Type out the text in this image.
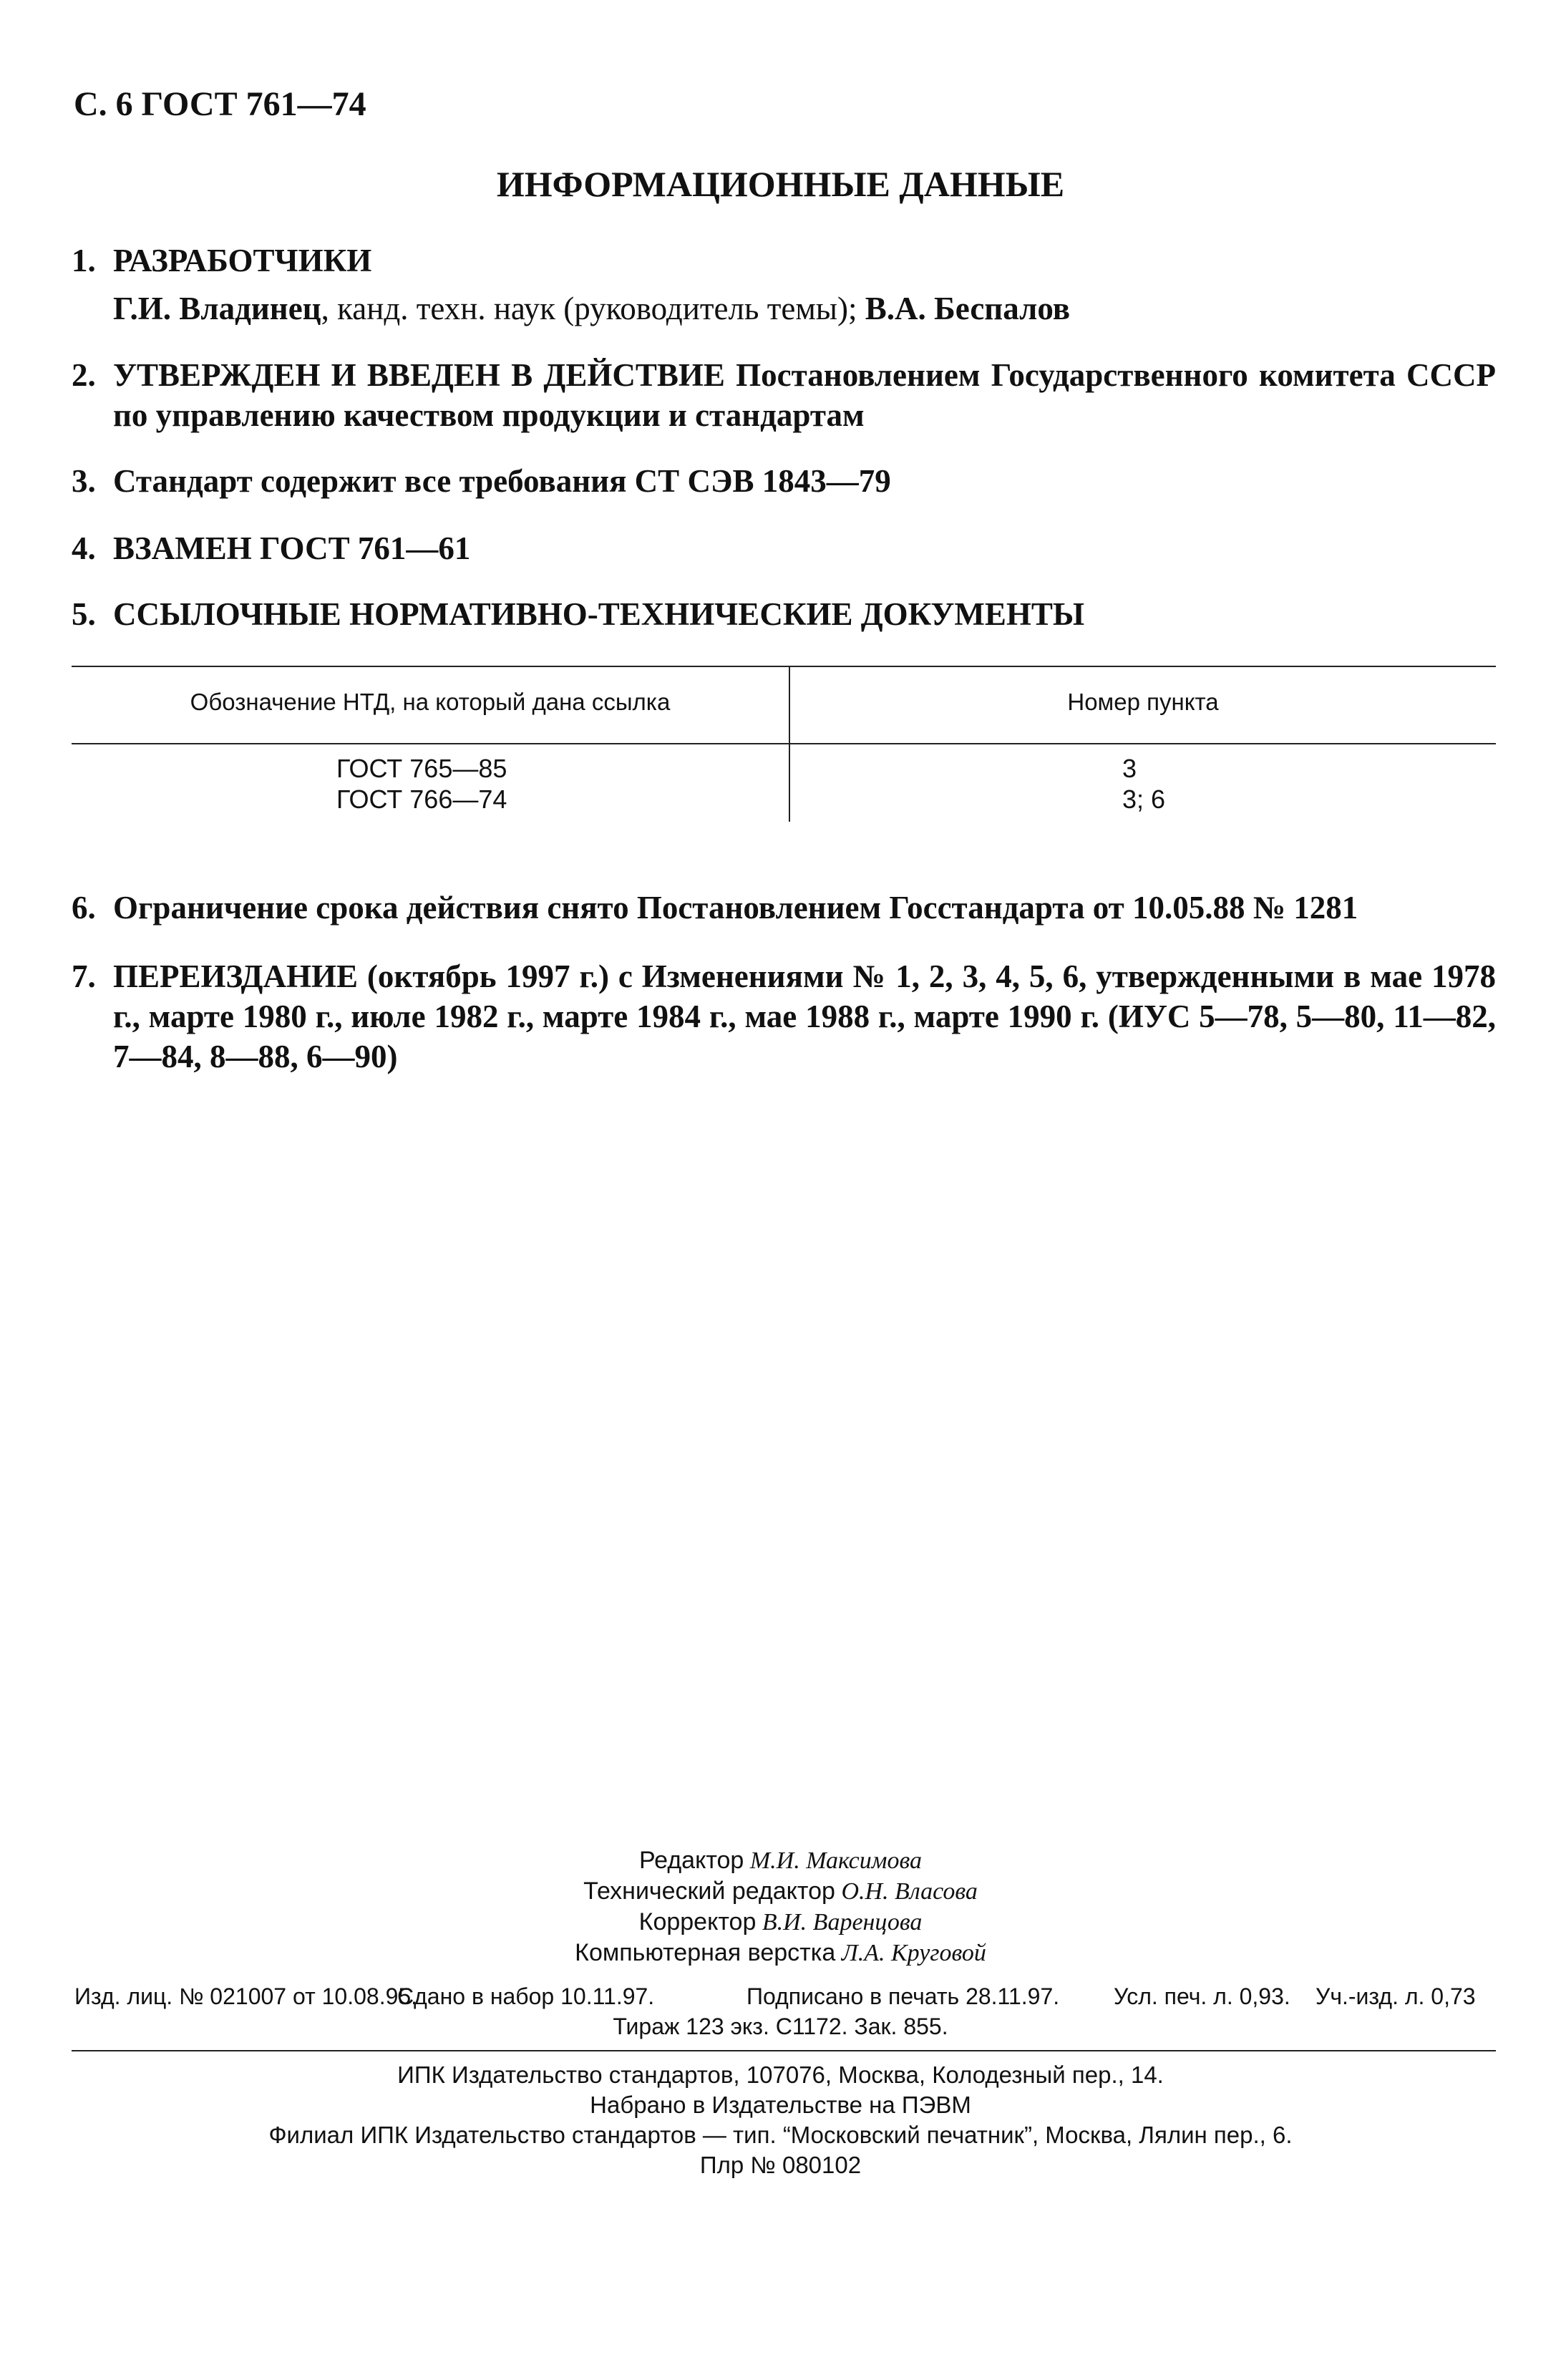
С. 6 ГОСТ 761—74
ИНФОРМАЦИОННЫЕ ДАННЫЕ
1. РАЗРАБОТЧИКИ
Г.И. Владинец, канд. техн. наук (руководитель темы); В.А. Беспалов
2. УТВЕРЖДЕН И ВВЕДЕН В ДЕЙСТВИЕ Постановлением Государственного комитета СССР по управлению качеством продукции и стандартам
3. Стандарт содержит все требования СТ СЭВ 1843—79
4. ВЗАМЕН ГОСТ 761—61
5. ССЫЛОЧНЫЕ НОРМАТИВНО-ТЕХНИЧЕСКИЕ ДОКУМЕНТЫ
Обозначение НТД, на который дана ссылка	Номер пункта
ГОСТ 765—85	3
ГОСТ 766—74	3; 6
6. Ограничение срока действия снято Постановлением Госстандарта от 10.05.88 № 1281
7. ПЕРЕИЗДАНИЕ (октябрь 1997 г.) с Изменениями № 1, 2, 3, 4, 5, 6, утвержденными в мае 1978 г., марте 1980 г., июле 1982 г., марте 1984 г., мае 1988 г., марте 1990 г. (ИУС 5—78, 5—80, 11—82, 7—84, 8—88, 6—90)
Редактор М.И. Максимова
Технический редактор О.Н. Власова
Корректор В.И. Варенцова
Компьютерная верстка Л.А. Круговой
Изд. лиц. № 021007 от 10.08.95.
Сдано в набор 10.11.97.	Подписано в печать 28.11.97. Усл. печ. л. 0,93. Уч.-изд. л. 0,73
Тираж 123 экз. С1172. Зак. 855.
ИПК Издательство стандартов, 107076, Москва, Колодезный пер., 14.
Набрано в Издательстве на ПЭВМ
Филиал ИПК Издательство стандартов — тип. “Московский печатник”, Москва, Лялин пер., 6.
Плр № 080102
